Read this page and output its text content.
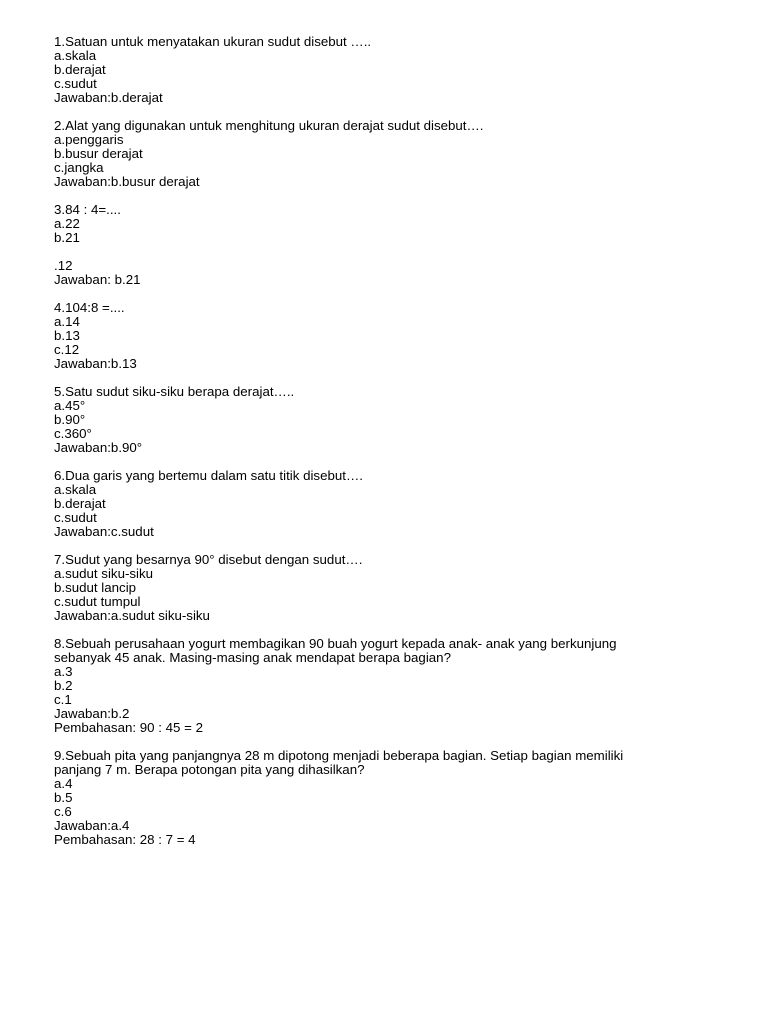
1.Satuan untuk menyatakan ukuran sudut disebut …..

a.skala

b.derajat

c.sudut

Jawaban:b.derajat

2.Alat yang digunakan untuk menghitung ukuran derajat sudut disebut….

a.penggaris

b.busur derajat

c.jangka

Jawaban:b.busur derajat

3.84 : 4=....

a.22

b.21

.12

Jawaban: b.21

4.104:8 =....

a.14

b.13

c.12

Jawaban:b.13

5.Satu sudut siku-siku berapa derajat…..

a.45°

b.90°

c.360°

Jawaban:b.90°

6.Dua garis yang bertemu dalam satu titik disebut….

a.skala

b.derajat

c.sudut

Jawaban:c.sudut

7.Sudut yang besarnya 90° disebut dengan sudut….

a.sudut siku-siku

b.sudut lancip

c.sudut tumpul

Jawaban:a.sudut siku-siku

8.Sebuah perusahaan yogurt membagikan 90 buah yogurt kepada anak- anak yang berkunjung

sebanyak 45 anak. Masing-masing anak mendapat berapa bagian?

a.3

b.2

c.1

Jawaban:b.2

Pembahasan: 90 : 45 = 2

9.Sebuah pita yang panjangnya 28 m dipotong menjadi beberapa bagian. Setiap bagian memiliki

panjang 7 m. Berapa potongan pita yang dihasilkan?

a.4

b.5

c.6

Jawaban:a.4

Pembahasan: 28 : 7 = 4
